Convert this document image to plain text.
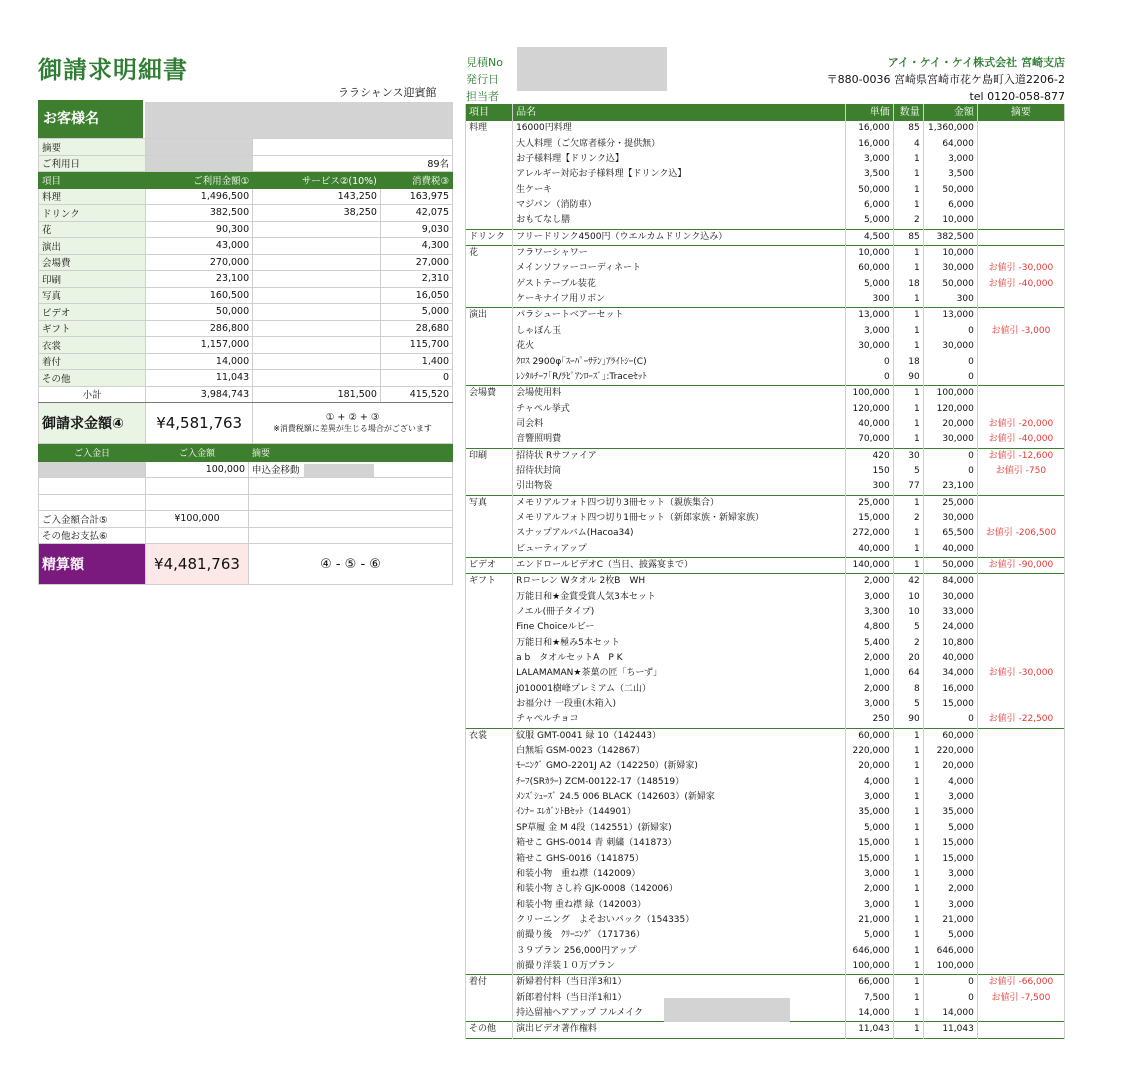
御請求明細書
ララシャンス迎賓館
お客様名
摘要			
ご利用日		89名	
項目	ご利用金額①	サービス②(10%)	消費税③
料理	1,496,500	143,250	163,975
ドリンク	382,500	38,250	42,075
花	90,300		9,030
演出	43,000		4,300
会場費	270,000		27,000
印刷	23,100		2,310
写真	160,500		16,050
ビデオ	50,000		5,000
ギフト	286,800		28,680
衣裳	1,157,000		115,700
着付	14,000		1,400
その他	11,043		0
小計	3,984,743	181,500	415,520
御請求金額④	¥4,581,763	① + ② + ③
※消費税額に差異が生じる場合がございます	
ご入金日	ご入金額	摘要
	100,000	申込金移動

ご入金額合計⑤	¥100,000	
その他お支払⑥		
精算額	¥4,481,763	④ - ⑤ - ⑥
見積No
発行日
担当者
アイ・ケイ・ケイ株式会社 宮崎支店
〒880-0036 宮崎県宮崎市花ケ島町入道2206-2
tel 0120-058-877
項目	品名	単価	数量	金額	摘要
料理	16000円料理	16,000	85	1,360,000	
	大人料理（ご欠席者様分・提供無）	16,000	4	64,000	
	お子様料理【ドリンク込】	3,000	1	3,000	
	アレルギー対応お子様料理【ドリンク込】	3,500	1	3,500	
	生ケーキ	50,000	1	50,000	
	マジパン（消防車）	6,000	1	6,000	
	おもてなし膳	5,000	2	10,000	
ドリンク	フリードリンク4500円（ウエルカムドリンク込み）	4,500	85	382,500	
花	フラワーシャワー	10,000	1	10,000	
	メインソファーコーディネート	60,000	1	30,000	お値引 -30,000
	ゲストテーブル装花	5,000	18	50,000	お値引 -40,000
	ケーキナイフ用リボン	300	1	300	
演出	パラシュートベアーセット	13,000	1	13,000	
	しゃぼん玉	3,000	1	0	お値引 -3,000
	花火	30,000	1	30,000	
	ｸﾛｽ 2900φ｢ｽｰﾊﾟｰｻﾃﾝ｣ｱﾗｲﾄｼｰ(C)	0	18	0	
	ﾚﾝﾀﾙﾁｰﾌ｢R/ﾗﾋﾟｱﾝﾛｰｽﾞ｣:Traceｾｯﾄ	0	90	0	
会場費	会場使用料	100,000	1	100,000	
	チャペル挙式	120,000	1	120,000	
	司会料	40,000	1	20,000	お値引 -20,000
	音響照明費	70,000	1	30,000	お値引 -40,000
印刷	招待状 Rサファイア	420	30	0	お値引 -12,600
	招待状封筒	150	5	0	お値引 -750
	引出物袋	300	77	23,100	
写真	メモリアルフォト四つ切り3冊セット（親族集合）	25,000	1	25,000	
	メモリアルフォト四つ切り1冊セット（新郎家族・新婦家族）	15,000	2	30,000	
	スナップアルバム(Hacoa34)	272,000	1	65,500	お値引 -206,500
	ビューティアップ	40,000	1	40,000	
ビデオ	エンドロールビデオC（当日、披露宴まで）	140,000	1	50,000	お値引 -90,000
ギフト	Rローレン Wタオル 2枚B　WH	2,000	42	84,000	
	万能日和★金賞受賞人気3本セット	3,000	10	30,000	
	ノエル(冊子タイプ)	3,300	10	33,000	
	Fine Choiceルビー	4,800	5	24,000	
	万能日和★極み5本セット	5,400	2	10,800	
	a b　タオルセットA　P K	2,000	20	40,000	
	LALAMAMAN★茶菓の匠「ちーず」	1,000	64	34,000	お値引 -30,000
	j010001樹峰プレミアム（二山）	2,000	8	16,000	
	お福分け 一段重(木箱入)	3,000	5	15,000	
	チャペルチョコ	250	90	0	お値引 -22,500
衣裳	紋服 GMT-0041 緑 10（142443）	60,000	1	60,000	
	白無垢 GSM-0023（142867）	220,000	1	220,000	
	ﾓｰﾆﾝｸﾞ GMO-2201J A2（142250）(新婦家)	20,000	1	20,000	
	ﾁｰﾌ(SRｶﾗｰ) ZCM-00122-17（148519）	4,000	1	4,000	
	ﾒﾝｽﾞｼｭｰｽﾞ 24.5 006 BLACK（142603）(新婦家	3,000	1	3,000	
	ｲﾝﾅｰ ｴﾚｶﾞﾝﾄBｾｯﾄ（144901）	35,000	1	35,000	
	SP草履 金 M 4段（142551）(新婦家)	5,000	1	5,000	
	箱せこ GHS-0014 青 刺繍（141873）	15,000	1	15,000	
	箱せこ GHS-0016（141875）	15,000	1	15,000	
	和装小物　重ね襟（142009）	3,000	1	3,000	
	和装小物 さし衿 GJK-0008（142006）	2,000	1	2,000	
	和装小物 重ね襟 緑（142003）	3,000	1	3,000	
	クリーニング　よそおいパック（154335）	21,000	1	21,000	
	前撮り後　ｸﾘｰﾆﾝｸﾞ（171736）	5,000	1	5,000	
	３９プラン 256,000円アップ	646,000	1	646,000	
	前撮り洋装１０万プラン	100,000	1	100,000	
着付	新婦着付料（当日洋3和1）	66,000	1	0	お値引 -66,000
	新郎着付料（当日洋1和1）	7,500	1	0	お値引 -7,500
	持込留袖ヘアアップ フルメイク	14,000	1	14,000	
その他	演出ビデオ著作権料	11,043	1	11,043	
